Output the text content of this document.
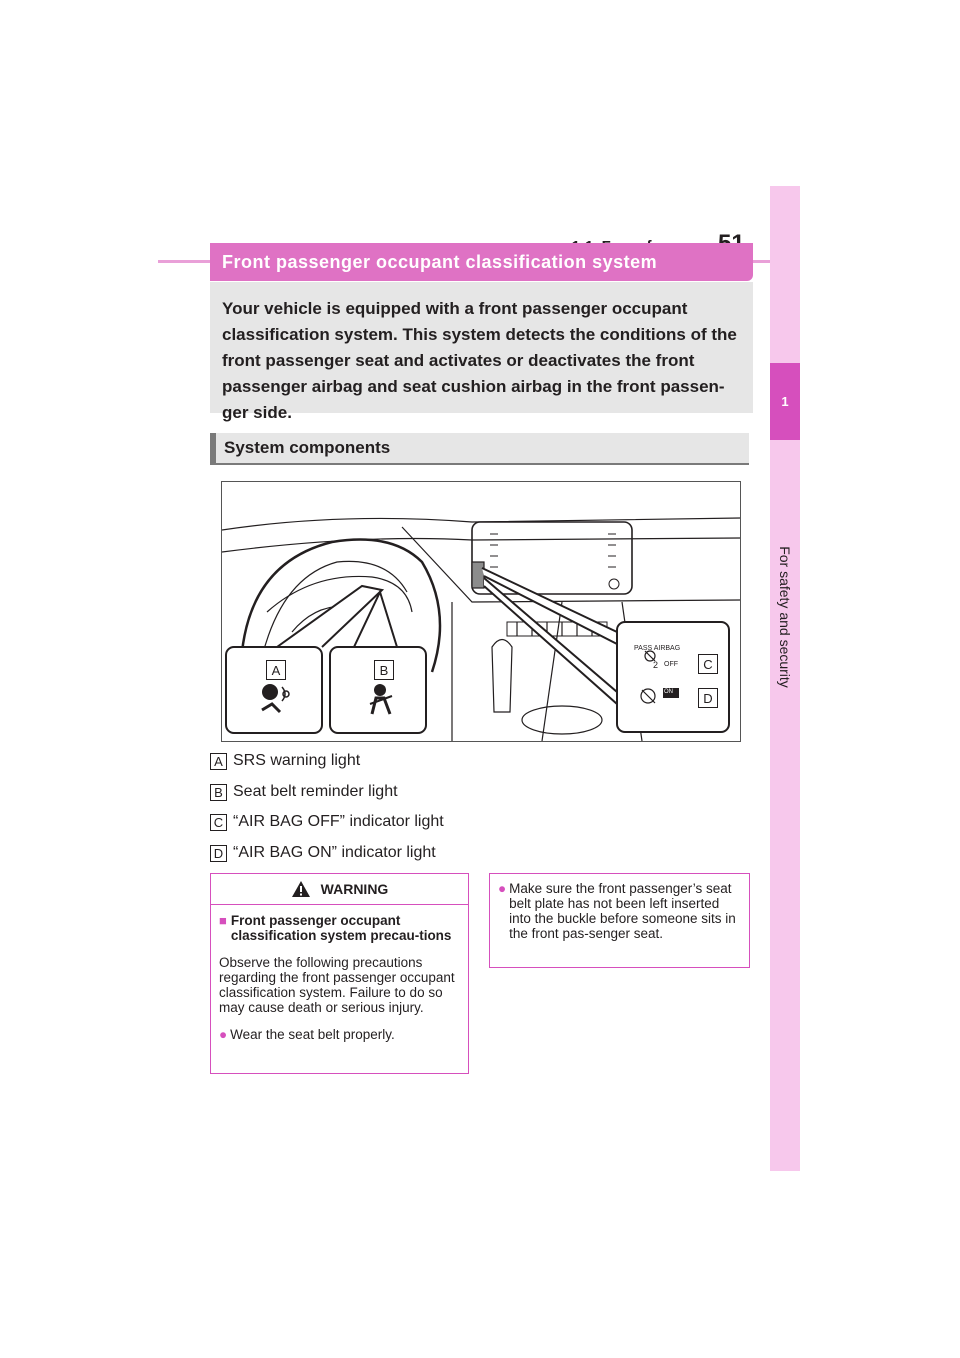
1
For safety and security
Front passenger occupant classification system
Your vehicle is equipped with a front passenger occupant classification system. This system detects the conditions of the front passenger seat and activates or deactivates the front passenger airbag and seat cushion airbag in the front passen-ger side.
System components
A	B	C
D
PASS AIRBAG
2 OFF
ON
A SRS warning light
B Seat belt reminder light
C “AIR BAG OFF” indicator light
D “AIR BAG ON” indicator light
WARNING
■ Front passenger occupant classification system precau-tions
Observe the following precautions regarding the front passenger occupant classification system. Failure to do so may cause death or serious injury.
● Wear the seat belt properly.
● Make sure the front passenger’s seat belt plate has not been left inserted into the buckle before someone sits in the front pas-senger seat.
